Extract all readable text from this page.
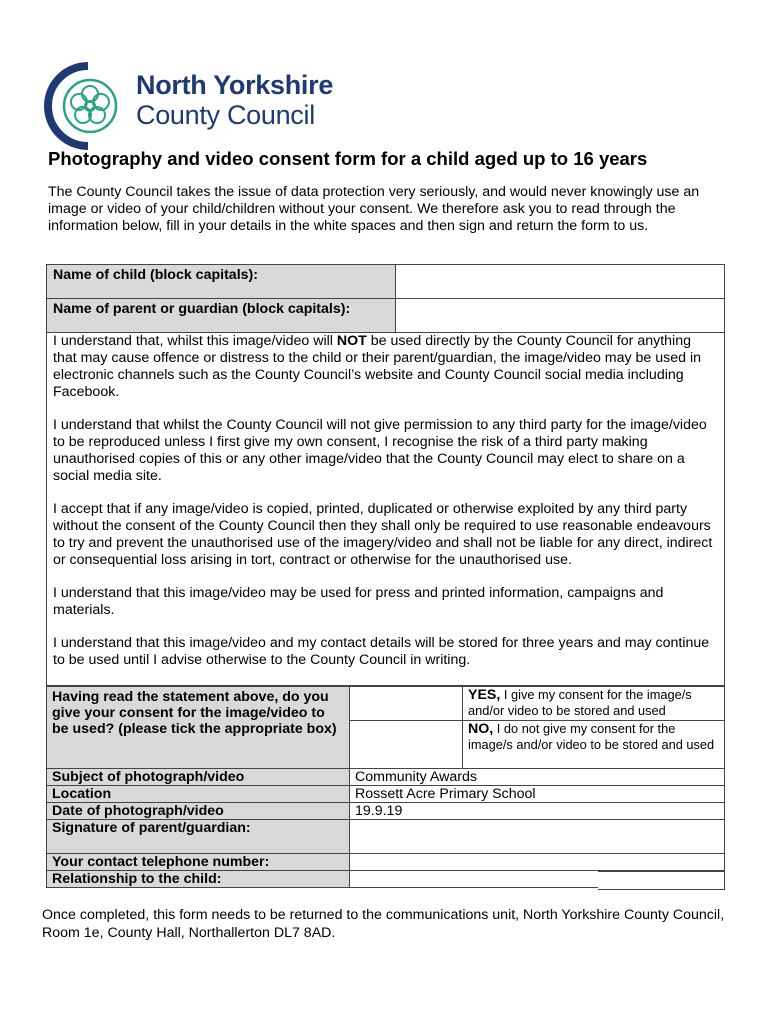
North Yorkshire
County Council
Photography and video consent form for a child aged up to 16 years

The County Council takes the issue of data protection very seriously, and would never knowingly use an image or video of your child/children without your consent. We therefore ask you to read through the information below, fill in your details in the white spaces and then sign and return the form to us.

Name of child (block capitals):	
Name of parent or guardian (block capitals):	

I understand that, whilst this image/video will NOT be used directly by the County Council for anything that may cause offence or distress to the child or their parent/guardian, the image/video may be used in electronic channels such as the County Council’s website and County Council social media including Facebook.

I understand that whilst the County Council will not give permission to any third party for the image/video to be reproduced unless I first give my own consent, I recognise the risk of a third party making unauthorised copies of this or any other image/video that the County Council may elect to share on a social media site.

I accept that if any image/video is copied, printed, duplicated or otherwise exploited by any third party without the consent of the County Council then they shall only be required to use reasonable endeavours to try and prevent the unauthorised use of the imagery/video and shall not be liable for any direct, indirect or consequential loss arising in tort, contract or otherwise for the unauthorised use.

I understand that this image/video may be used for press and printed information, campaigns and materials.

I understand that this image/video and my contact details will be stored for three years and may continue to be used until I advise otherwise to the County Council in writing.	

Having read the statement above, do you give your consent for the image/video to be used? (please tick the appropriate box)		YES, I give my consent for the image/s and/or video to be stored and used	
		NO, I do not give my consent for the image/s and/or video to be stored and used	
Subject of photograph/video	Community Awards		
Location	Rossett Acre Primary School		
Date of photograph/video	19.9.19		
Signature of parent/guardian:			
Your contact telephone number:			
Relationship to the child:		

Once completed, this form needs to be returned to the communications unit, North Yorkshire County Council, Room 1e, County Hall, Northallerton DL7 8AD.
